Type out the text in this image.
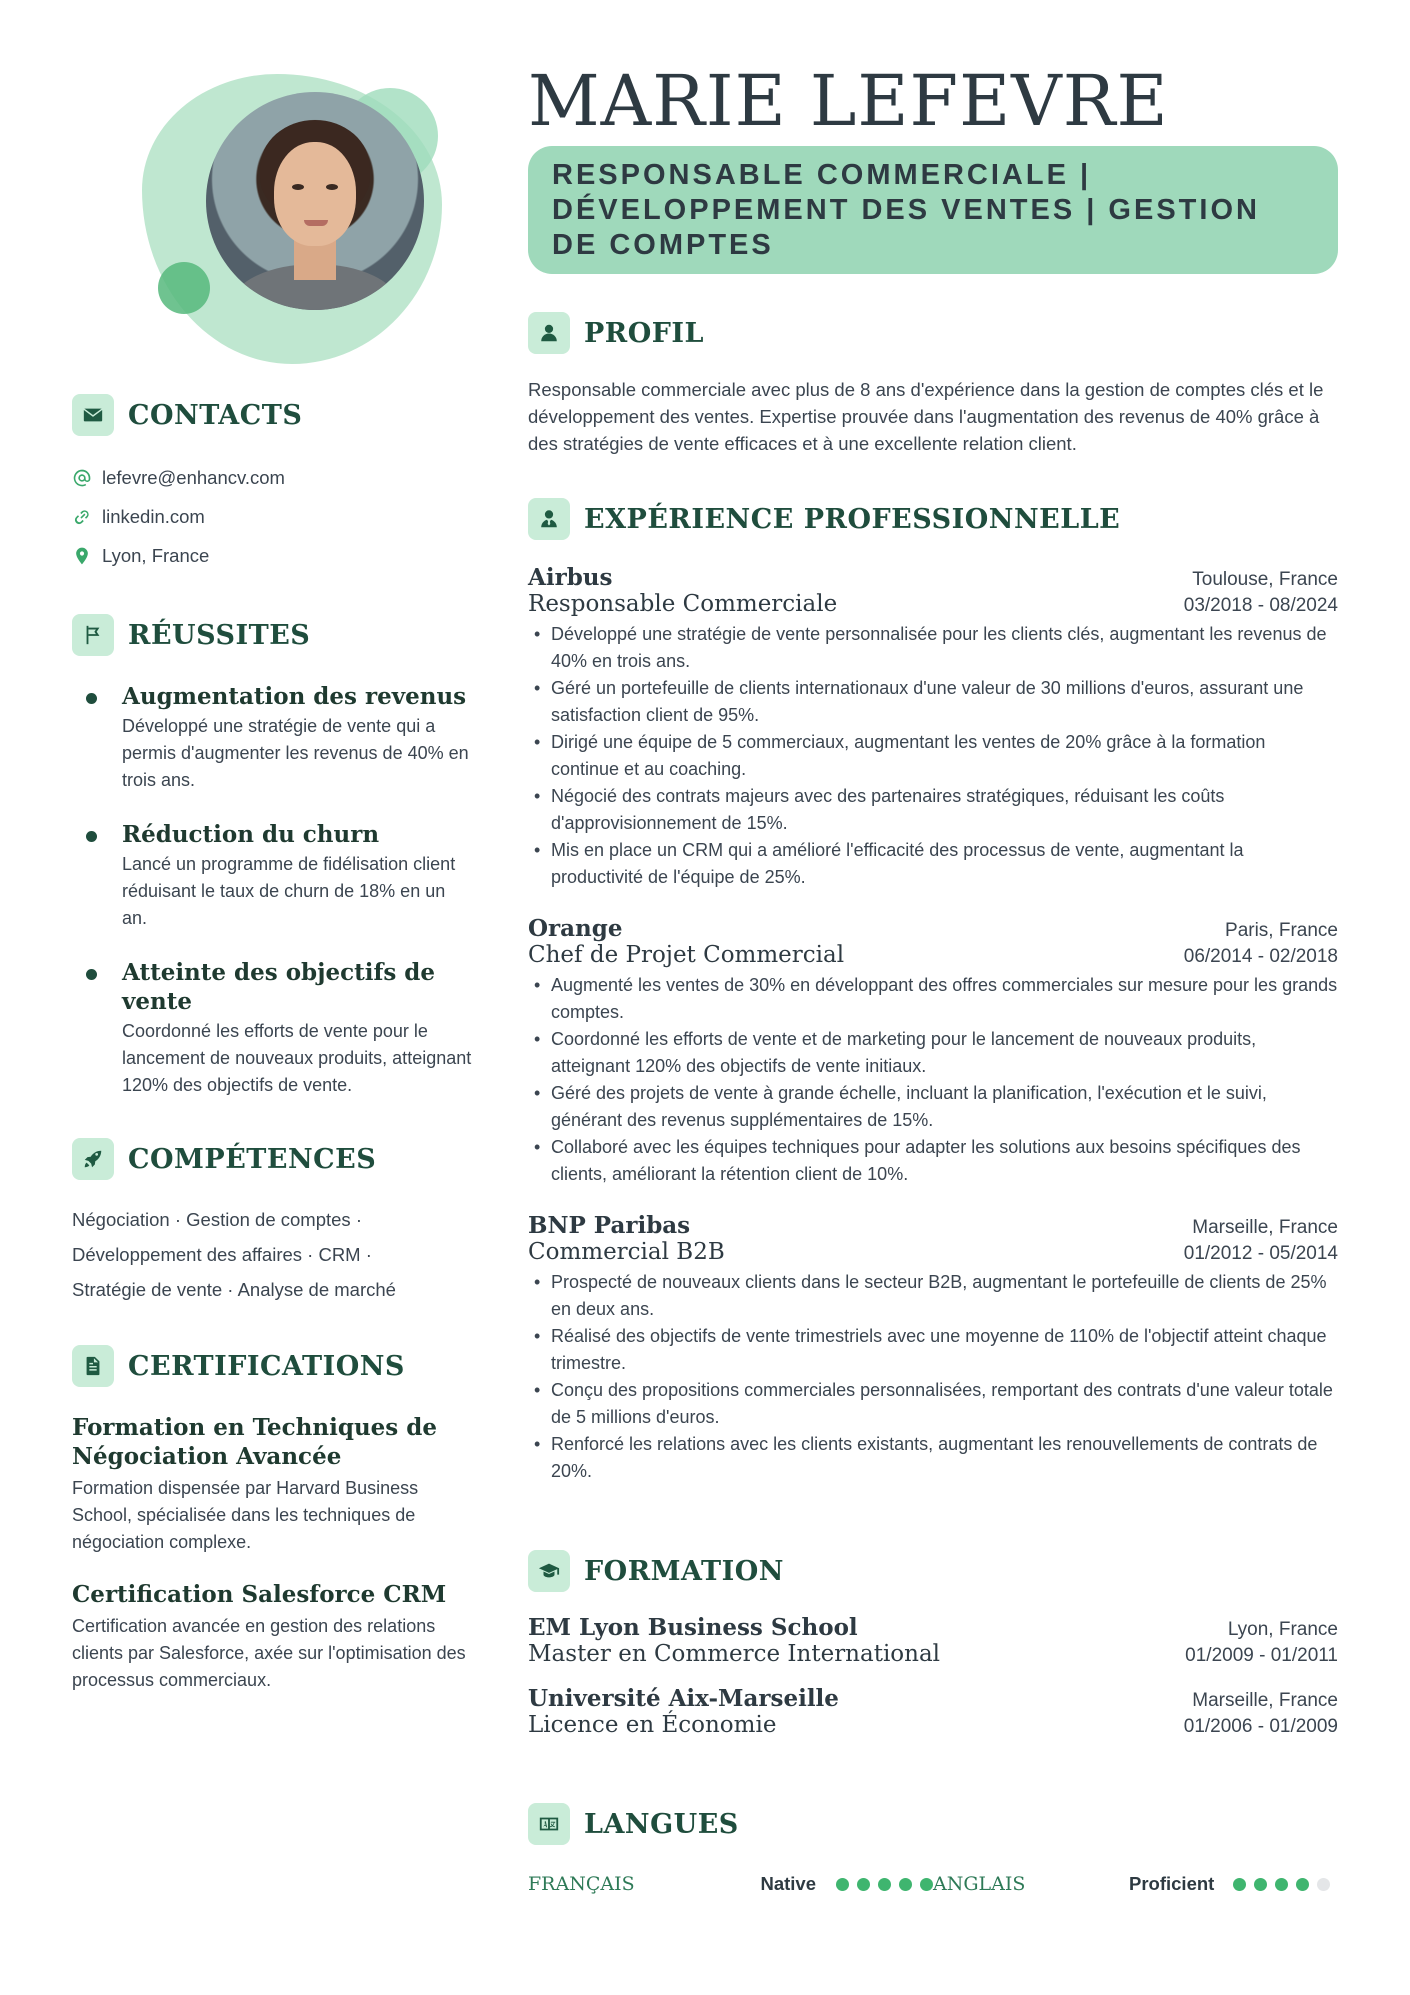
CONTACTS
lefevre@enhancv.com
linkedin.com
Lyon, France
RÉUSSITES
Augmentation des revenus
Développé une stratégie de vente qui a permis d'augmenter les revenus de 40% en trois ans.
Réduction du churn
Lancé un programme de fidélisation client réduisant le taux de churn de 18% en un an.
Atteinte des objectifs de vente
Coordonné les efforts de vente pour le lancement de nouveaux produits, atteignant 120% des objectifs de vente.
COMPÉTENCES
Négociation · Gestion de comptes ·
Développement des affaires · CRM ·
Stratégie de vente · Analyse de marché
CERTIFICATIONS
Formation en Techniques de Négociation Avancée
Formation dispensée par Harvard Business School, spécialisée dans les techniques de négociation complexe.
Certification Salesforce CRM
Certification avancée en gestion des relations clients par Salesforce, axée sur l'optimisation des processus commerciaux.
MARIE LEFEVRE
RESPONSABLE COMMERCIALE | DÉVELOPPEMENT DES VENTES | GESTION DE COMPTES
PROFIL
Responsable commerciale avec plus de 8 ans d'expérience dans la gestion de comptes clés et le développement des ventes. Expertise prouvée dans l'augmentation des revenus de 40% grâce à des stratégies de vente efficaces et à une excellente relation client.
EXPÉRIENCE PROFESSIONNELLE
Airbus	Toulouse, France
Responsable Commerciale	03/2018 - 08/2024
• Développé une stratégie de vente personnalisée pour les clients clés, augmentant les revenus de 40% en trois ans.
• Géré un portefeuille de clients internationaux d'une valeur de 30 millions d'euros, assurant une satisfaction client de 95%.
• Dirigé une équipe de 5 commerciaux, augmentant les ventes de 20% grâce à la formation continue et au coaching.
• Négocié des contrats majeurs avec des partenaires stratégiques, réduisant les coûts d'approvisionnement de 15%.
• Mis en place un CRM qui a amélioré l'efficacité des processus de vente, augmentant la productivité de l'équipe de 25%.
Orange	Paris, France
Chef de Projet Commercial	06/2014 - 02/2018
• Augmenté les ventes de 30% en développant des offres commerciales sur mesure pour les grands comptes.
• Coordonné les efforts de vente et de marketing pour le lancement de nouveaux produits, atteignant 120% des objectifs de vente initiaux.
• Géré des projets de vente à grande échelle, incluant la planification, l'exécution et le suivi, générant des revenus supplémentaires de 15%.
• Collaboré avec les équipes techniques pour adapter les solutions aux besoins spécifiques des clients, améliorant la rétention client de 10%.
BNP Paribas	Marseille, France
Commercial B2B	01/2012 - 05/2014
• Prospecté de nouveaux clients dans le secteur B2B, augmentant le portefeuille de clients de 25% en deux ans.
• Réalisé des objectifs de vente trimestriels avec une moyenne de 110% de l'objectif atteint chaque trimestre.
• Conçu des propositions commerciales personnalisées, remportant des contrats d'une valeur totale de 5 millions d'euros.
• Renforcé les relations avec les clients existants, augmentant les renouvellements de contrats de 20%.
FORMATION
EM Lyon Business School	Lyon, France
Master en Commerce International	01/2009 - 01/2011
Université Aix-Marseille	Marseille, France
Licence en Économie	01/2006 - 01/2009
LANGUES
FRANÇAIS	Native	ANGLAIS	Proficient
